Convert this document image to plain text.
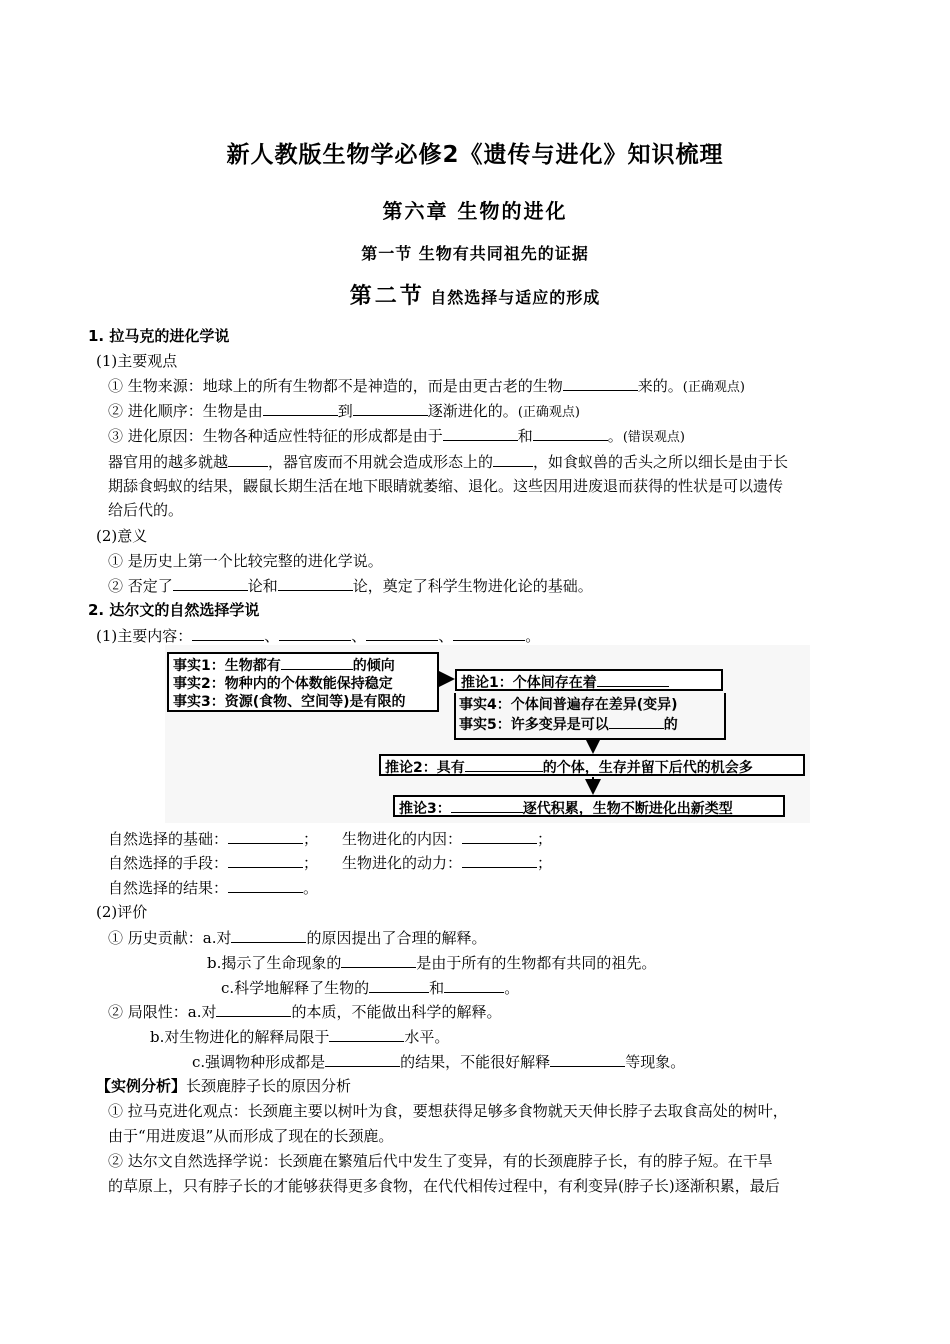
新人教版生物学必修2《遗传与进化》知识梳理
第六章 生物的进化
第一节 生物有共同祖先的证据
第二节 自然选择与适应的形成
1. 拉马克的进化学说
(1)主要观点
① 生物来源：地球上的所有生物都不是神造的，而是由更古老的生物	来的。(正确观点)
② 进化顺序：生物是由	到	逐渐进化的。(正确观点)
③ 进化原因：生物各种适应性特征的形成都是由于	和	。(错误观点)
器官用的越多就越	，器官废而不用就会造成形态上的	，如食蚁兽的舌头之所以细长是由于长
期舔食蚂蚁的结果，鼹鼠长期生活在地下眼睛就萎缩、退化。这些因用进废退而获得的性状是可以遗传
给后代的。
(2)意义
① 是历史上第一个比较完整的进化学说。
② 否定了	论和	论，奠定了科学生物进化论的基础。
2. 达尔文的自然选择学说
(1)主要内容：	、	、	、	。
事实1：生物都有	的倾向
事实2：物种内的个体数能保持稳定
事实3：资源(食物、空间等)是有限的
推论1：个体间存在着
事实4：个体间普遍存在差异(变异)
事实5：许多变异是可以	的
推论2：具有	的个体，生存并留下后代的机会多
推论3：	逐代积累，生物不断进化出新类型
自然选择的基础：	； 生物进化的内因：	；
自然选择的手段：	； 生物进化的动力：	；
自然选择的结果：	。
(2)评价
① 历史贡献：a.对	的原因提出了合理的解释。
b.揭示了生命现象的	是由于所有的生物都有共同的祖先。
c.科学地解释了生物的	和	。
② 局限性：a.对	的本质，不能做出科学的解释。
b.对生物进化的解释局限于	水平。
c.强调物种形成都是	的结果，不能很好解释	等现象。
【实例分析】长颈鹿脖子长的原因分析
① 拉马克进化观点：长颈鹿主要以树叶为食，要想获得足够多食物就天天伸长脖子去取食高处的树叶，
由于“用进废退”从而形成了现在的长颈鹿。
② 达尔文自然选择学说：长颈鹿在繁殖后代中发生了变异，有的长颈鹿脖子长，有的脖子短。在干旱
的草原上，只有脖子长的才能够获得更多食物，在代代相传过程中，有利变异(脖子长)逐渐积累，最后
